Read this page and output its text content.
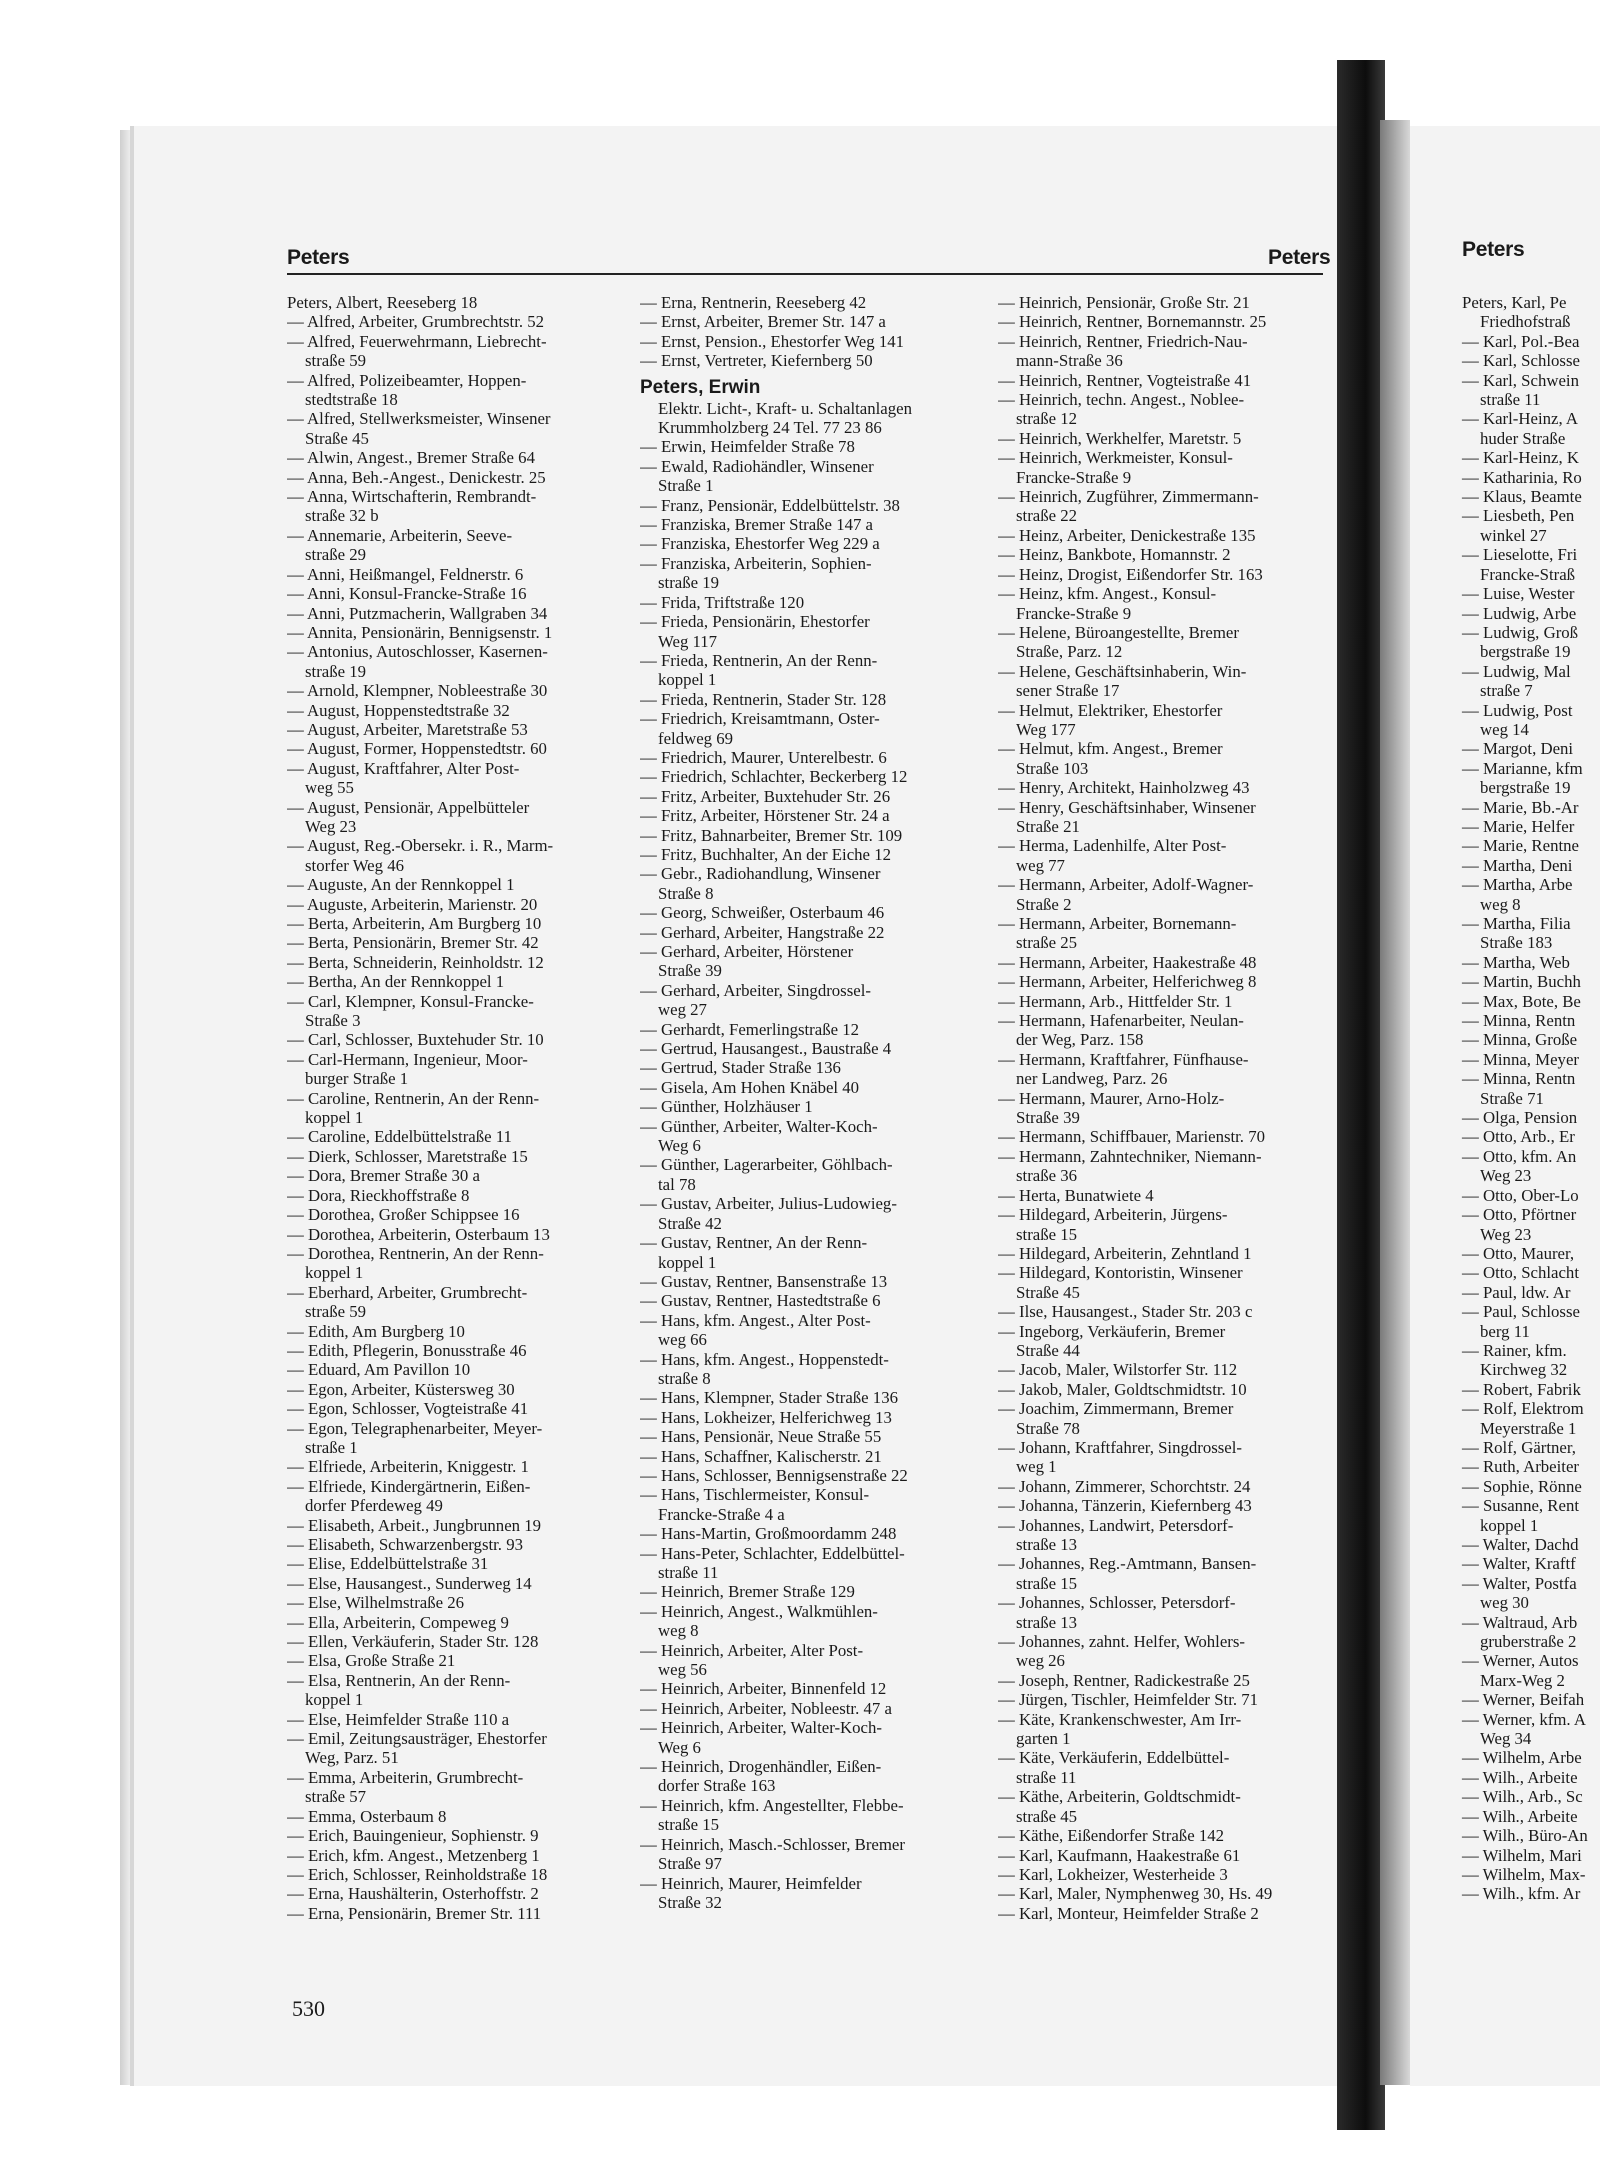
Peters	Peters
Peters, Albert, Reeseberg 18
— Alfred, Arbeiter, Grumbrechtstr. 52
— Alfred, Feuerwehrmann, Liebrecht-
straße 59
— Alfred, Polizeibeamter, Hoppen-
stedtstraße 18
— Alfred, Stellwerksmeister, Winsener
Straße 45
— Alwin, Angest., Bremer Straße 64
— Anna, Beh.-Angest., Denickestr. 25
— Anna, Wirtschafterin, Rembrandt-
straße 32 b
— Annemarie, Arbeiterin, Seeve-
straße 29
— Anni, Heißmangel, Feldnerstr. 6
— Anni, Konsul-Francke-Straße 16
— Anni, Putzmacherin, Wallgraben 34
— Annita, Pensionärin, Bennigsenstr. 1
— Antonius, Autoschlosser, Kasernen-
straße 19
— Arnold, Klempner, Nobleestraße 30
— August, Hoppenstedtstraße 32
— August, Arbeiter, Maretstraße 53
— August, Former, Hoppenstedtstr. 60
— August, Kraftfahrer, Alter Post-
weg 55
— August, Pensionär, Appelbütteler
Weg 23
— August, Reg.-Obersekr. i. R., Marm-
storfer Weg 46
— Auguste, An der Rennkoppel 1
— Auguste, Arbeiterin, Marienstr. 20
— Berta, Arbeiterin, Am Burgberg 10
— Berta, Pensionärin, Bremer Str. 42
— Berta, Schneiderin, Reinholdstr. 12
— Bertha, An der Rennkoppel 1
— Carl, Klempner, Konsul-Francke-
Straße 3
— Carl, Schlosser, Buxtehuder Str. 10
— Carl-Hermann, Ingenieur, Moor-
burger Straße 1
— Caroline, Rentnerin, An der Renn-
koppel 1
— Caroline, Eddelbüttelstraße 11
— Dierk, Schlosser, Maretstraße 15
— Dora, Bremer Straße 30 a
— Dora, Rieckhoffstraße 8
— Dorothea, Großer Schippsee 16
— Dorothea, Arbeiterin, Osterbaum 13
— Dorothea, Rentnerin, An der Renn-
koppel 1
— Eberhard, Arbeiter, Grumbrecht-
straße 59
— Edith, Am Burgberg 10
— Edith, Pflegerin, Bonusstraße 46
— Eduard, Am Pavillon 10
— Egon, Arbeiter, Küstersweg 30
— Egon, Schlosser, Vogteistraße 41
— Egon, Telegraphenarbeiter, Meyer-
straße 1
— Elfriede, Arbeiterin, Kniggestr. 1
— Elfriede, Kindergärtnerin, Eißen-
dorfer Pferdeweg 49
— Elisabeth, Arbeit., Jungbrunnen 19
— Elisabeth, Schwarzenbergstr. 93
— Elise, Eddelbüttelstraße 31
— Else, Hausangest., Sunderweg 14
— Else, Wilhelmstraße 26
— Ella, Arbeiterin, Compeweg 9
— Ellen, Verkäuferin, Stader Str. 128
— Elsa, Große Straße 21
— Elsa, Rentnerin, An der Renn-
koppel 1
— Else, Heimfelder Straße 110 a
— Emil, Zeitungsausträger, Ehestorfer
Weg, Parz. 51
— Emma, Arbeiterin, Grumbrecht-
straße 57
— Emma, Osterbaum 8
— Erich, Bauingenieur, Sophienstr. 9
— Erich, kfm. Angest., Metzenberg 1
— Erich, Schlosser, Reinholdstraße 18
— Erna, Haushälterin, Osterhoffstr. 2
— Erna, Pensionärin, Bremer Str. 111
— Erna, Rentnerin, Reeseberg 42
— Ernst, Arbeiter, Bremer Str. 147 a
— Ernst, Pension., Ehestorfer Weg 141
— Ernst, Vertreter, Kiefernberg 50
Peters, Erwin
Elektr. Licht-, Kraft- u. Schaltanlagen
Krummholzberg 24 Tel. 77 23 86
— Erwin, Heimfelder Straße 78
— Ewald, Radiohändler, Winsener
Straße 1
— Franz, Pensionär, Eddelbüttelstr. 38
— Franziska, Bremer Straße 147 a
— Franziska, Ehestorfer Weg 229 a
— Franziska, Arbeiterin, Sophien-
straße 19
— Frida, Triftstraße 120
— Frieda, Pensionärin, Ehestorfer
Weg 117
— Frieda, Rentnerin, An der Renn-
koppel 1
— Frieda, Rentnerin, Stader Str. 128
— Friedrich, Kreisamtmann, Oster-
feldweg 69
— Friedrich, Maurer, Unterelbestr. 6
— Friedrich, Schlachter, Beckerberg 12
— Fritz, Arbeiter, Buxtehuder Str. 26
— Fritz, Arbeiter, Hörstener Str. 24 a
— Fritz, Bahnarbeiter, Bremer Str. 109
— Fritz, Buchhalter, An der Eiche 12
— Gebr., Radiohandlung, Winsener
Straße 8
— Georg, Schweißer, Osterbaum 46
— Gerhard, Arbeiter, Hangstraße 22
— Gerhard, Arbeiter, Hörstener
Straße 39
— Gerhard, Arbeiter, Singdrossel-
weg 27
— Gerhardt, Femerlingstraße 12
— Gertrud, Hausangest., Baustraße 4
— Gertrud, Stader Straße 136
— Gisela, Am Hohen Knäbel 40
— Günther, Holzhäuser 1
— Günther, Arbeiter, Walter-Koch-
Weg 6
— Günther, Lagerarbeiter, Göhlbach-
tal 78
— Gustav, Arbeiter, Julius-Ludowieg-
Straße 42
— Gustav, Rentner, An der Renn-
koppel 1
— Gustav, Rentner, Bansenstraße 13
— Gustav, Rentner, Hastedtstraße 6
— Hans, kfm. Angest., Alter Post-
weg 66
— Hans, kfm. Angest., Hoppenstedt-
straße 8
— Hans, Klempner, Stader Straße 136
— Hans, Lokheizer, Helferichweg 13
— Hans, Pensionär, Neue Straße 55
— Hans, Schaffner, Kalischerstr. 21
— Hans, Schlosser, Bennigsenstraße 22
— Hans, Tischlermeister, Konsul-
Francke-Straße 4 a
— Hans-Martin, Großmoordamm 248
— Hans-Peter, Schlachter, Eddelbüttel-
straße 11
— Heinrich, Bremer Straße 129
— Heinrich, Angest., Walkmühlen-
weg 8
— Heinrich, Arbeiter, Alter Post-
weg 56
— Heinrich, Arbeiter, Binnenfeld 12
— Heinrich, Arbeiter, Nobleestr. 47 a
— Heinrich, Arbeiter, Walter-Koch-
Weg 6
— Heinrich, Drogenhändler, Eißen-
dorfer Straße 163
— Heinrich, kfm. Angestellter, Flebbe-
straße 15
— Heinrich, Masch.-Schlosser, Bremer
Straße 97
— Heinrich, Maurer, Heimfelder
Straße 32
— Heinrich, Pensionär, Große Str. 21
— Heinrich, Rentner, Bornemannstr. 25
— Heinrich, Rentner, Friedrich-Nau-
mann-Straße 36
— Heinrich, Rentner, Vogteistraße 41
— Heinrich, techn. Angest., Noblee-
straße 12
— Heinrich, Werkhelfer, Maretstr. 5
— Heinrich, Werkmeister, Konsul-
Francke-Straße 9
— Heinrich, Zugführer, Zimmermann-
straße 22
— Heinz, Arbeiter, Denickestraße 135
— Heinz, Bankbote, Homannstr. 2
— Heinz, Drogist, Eißendorfer Str. 163
— Heinz, kfm. Angest., Konsul-
Francke-Straße 9
— Helene, Büroangestellte, Bremer
Straße, Parz. 12
— Helene, Geschäftsinhaberin, Win-
sener Straße 17
— Helmut, Elektriker, Ehestorfer
Weg 177
— Helmut, kfm. Angest., Bremer
Straße 103
— Henry, Architekt, Hainholzweg 43
— Henry, Geschäftsinhaber, Winsener
Straße 21
— Herma, Ladenhilfe, Alter Post-
weg 77
— Hermann, Arbeiter, Adolf-Wagner-
Straße 2
— Hermann, Arbeiter, Bornemann-
straße 25
— Hermann, Arbeiter, Haakestraße 48
— Hermann, Arbeiter, Helferichweg 8
— Hermann, Arb., Hittfelder Str. 1
— Hermann, Hafenarbeiter, Neulan-
der Weg, Parz. 158
— Hermann, Kraftfahrer, Fünfhause-
ner Landweg, Parz. 26
— Hermann, Maurer, Arno-Holz-
Straße 39
— Hermann, Schiffbauer, Marienstr. 70
— Hermann, Zahntechniker, Niemann-
straße 36
— Herta, Bunatwiete 4
— Hildegard, Arbeiterin, Jürgens-
straße 15
— Hildegard, Arbeiterin, Zehntland 1
— Hildegard, Kontoristin, Winsener
Straße 45
— Ilse, Hausangest., Stader Str. 203 c
— Ingeborg, Verkäuferin, Bremer
Straße 44
— Jacob, Maler, Wilstorfer Str. 112
— Jakob, Maler, Goldtschmidtstr. 10
— Joachim, Zimmermann, Bremer
Straße 78
— Johann, Kraftfahrer, Singdrossel-
weg 1
— Johann, Zimmerer, Schorchtstr. 24
— Johanna, Tänzerin, Kiefernberg 43
— Johannes, Landwirt, Petersdorf-
straße 13
— Johannes, Reg.-Amtmann, Bansen-
straße 15
— Johannes, Schlosser, Petersdorf-
straße 13
— Johannes, zahnt. Helfer, Wohlers-
weg 26
— Joseph, Rentner, Radickestraße 25
— Jürgen, Tischler, Heimfelder Str. 71
— Käte, Krankenschwester, Am Irr-
garten 1
— Käte, Verkäuferin, Eddelbüttel-
straße 11
— Käthe, Arbeiterin, Goldtschmidt-
straße 45
— Käthe, Eißendorfer Straße 142
— Karl, Kaufmann, Haakestraße 61
— Karl, Lokheizer, Westerheide 3
— Karl, Maler, Nymphenweg 30, Hs. 49
— Karl, Monteur, Heimfelder Straße 2
530
Peters
Peters, Karl, Pe
Friedhofstraß
— Karl, Pol.-Bea
— Karl, Schlosse
— Karl, Schwein
straße 11
— Karl-Heinz, A
huder Straße
— Karl-Heinz, K
— Katharinia, Ro
— Klaus, Beamte
— Liesbeth, Pen
winkel 27
— Lieselotte, Fri
Francke-Straß
— Luise, Wester
— Ludwig, Arbe
— Ludwig, Groß
bergstraße 19
— Ludwig, Mal
straße 7
— Ludwig, Post
weg 14
— Margot, Deni
— Marianne, kfm
bergstraße 19
— Marie, Bb.-Ar
— Marie, Helfer
— Marie, Rentne
— Martha, Deni
— Martha, Arbe
weg 8
— Martha, Filia
Straße 183
— Martha, Web
— Martin, Buchh
— Max, Bote, Be
— Minna, Rentn
— Minna, Große
— Minna, Meyer
— Minna, Rentn
Straße 71
— Olga, Pension
— Otto, Arb., Er
— Otto, kfm. An
Weg 23
— Otto, Ober-Lo
— Otto, Pförtner
Weg 23
— Otto, Maurer,
— Otto, Schlacht
— Paul, ldw. Ar
— Paul, Schlosse
berg 11
— Rainer, kfm.
Kirchweg 32
— Robert, Fabrik
— Rolf, Elektrom
Meyerstraße 1
— Rolf, Gärtner,
— Ruth, Arbeiter
— Sophie, Rönne
— Susanne, Rent
koppel 1
— Walter, Dachd
— Walter, Kraftf
— Walter, Postfa
weg 30
— Waltraud, Arb
gruberstraße 2
— Werner, Autos
Marx-Weg 2
— Werner, Beifah
— Werner, kfm. A
Weg 34
— Wilhelm, Arbe
— Wilh., Arbeite
— Wilh., Arb., Sc
— Wilh., Arbeite
— Wilh., Büro-An
— Wilhelm, Mari
— Wilhelm, Max-
— Wilh., kfm. Ar
